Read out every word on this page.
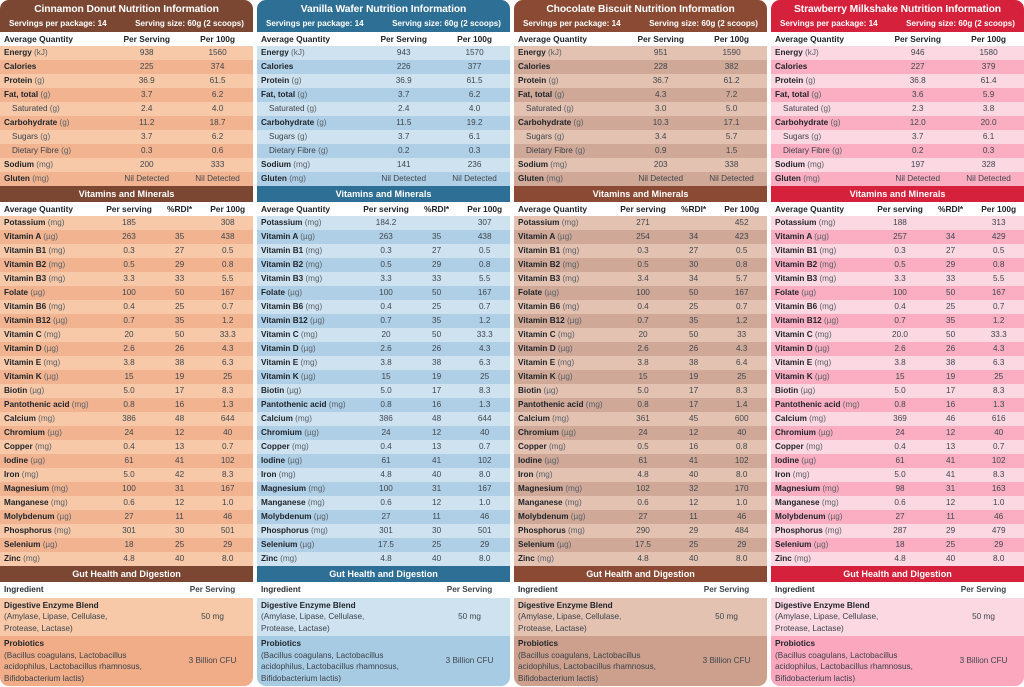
Cinnamon Donut Nutrition Information
Servings per package: 14	Serving size: 60g (2 scoops)
Average Quantity	Per Serving	Per 100g
Energy (kJ)	938	1560
Calories	225	374
Protein (g)	36.9	61.5
Fat, total (g)	3.7	6.2
Saturated (g)	2.4	4.0
Carbohydrate (g)	11.2	18.7
Sugars (g)	3.7	6.2
Dietary Fibre (g)	0.3	0.6
Sodium (mg)	200	333
Gluten (mg)	Nil Detected	Nil Detected
Vitamins and Minerals
Average Quantity	Per serving	%RDI*	Per 100g
Potassium (mg)	185		308
Vitamin A (µg)	263	35	438
Vitamin B1 (mg)	0.3	27	0.5
Vitamin B2 (mg)	0.5	29	0.8
Vitamin B3 (mg)	3.3	33	5.5
Folate (µg)	100	50	167
Vitamin B6 (mg)	0.4	25	0.7
Vitamin B12 (µg)	0.7	35	1.2
Vitamin C (mg)	20	50	33.3
Vitamin D (µg)	2.6	26	4.3
Vitamin E (mg)	3.8	38	6.3
Vitamin K (µg)	15	19	25
Biotin (µg)	5.0	17	8.3
Pantothenic acid (mg)	0.8	16	1.3
Calcium (mg)	386	48	644
Chromium (µg)	24	12	40
Copper (mg)	0.4	13	0.7
Iodine (µg)	61	41	102
Iron (mg)	5.0	42	8.3
Magnesium (mg)	100	31	167
Manganese (mg)	0.6	12	1.0
Molybdenum (µg)	27	11	46
Phosphorus (mg)	301	30	501
Selenium (µg)	18	25	29
Zinc (mg)	4.8	40	8.0
Gut Health and Digestion
Ingredient	Per Serving

Digestive Enzyme Blend
(Amylase, Lipase, Cellulase,
Protease, Lactase)	50 mg

Probiotics
(Bacillus coagulans, Lactobacillus
acidophilus, Lactobacillus rhamnosus,
Bifidobacterium lactis)	3 Billion CFU
Vanilla Wafer Nutrition Information
Servings per package: 14	Serving size: 60g (2 scoops)
Average Quantity	Per Serving	Per 100g
Energy (kJ)	943	1570
Calories	226	377
Protein (g)	36.9	61.5
Fat, total (g)	3.7	6.2
Saturated (g)	2.4	4.0
Carbohydrate (g)	11.5	19.2
Sugars (g)	3.7	6.1
Dietary Fibre (g)	0.2	0.3
Sodium (mg)	141	236
Gluten (mg)	Nil Detected	Nil Detected
Vitamins and Minerals
Average Quantity	Per serving	%RDI*	Per 100g
Potassium (mg)	184.2		307
Vitamin A (µg)	263	35	438
Vitamin B1 (mg)	0.3	27	0.5
Vitamin B2 (mg)	0.5	29	0.8
Vitamin B3 (mg)	3.3	33	5.5
Folate (µg)	100	50	167
Vitamin B6 (mg)	0.4	25	0.7
Vitamin B12 (µg)	0.7	35	1.2
Vitamin C (mg)	20	50	33.3
Vitamin D (µg)	2.6	26	4.3
Vitamin E (mg)	3.8	38	6.3
Vitamin K (µg)	15	19	25
Biotin (µg)	5.0	17	8.3
Pantothenic acid (mg)	0.8	16	1.3
Calcium (mg)	386	48	644
Chromium (µg)	24	12	40
Copper (mg)	0.4	13	0.7
Iodine (µg)	61	41	102
Iron (mg)	4.8	40	8.0
Magnesium (mg)	100	31	167
Manganese (mg)	0.6	12	1.0
Molybdenum (µg)	27	11	46
Phosphorus (mg)	301	30	501
Selenium (µg)	17.5	25	29
Zinc (mg)	4.8	40	8.0
Gut Health and Digestion
Ingredient	Per Serving

Digestive Enzyme Blend
(Amylase, Lipase, Cellulase,
Protease, Lactase)	50 mg

Probiotics
(Bacillus coagulans, Lactobacillus
acidophilus, Lactobacillus rhamnosus,
Bifidobacterium lactis)	3 Billion CFU
Chocolate Biscuit Nutrition Information
Servings per package: 14	Serving size: 60g (2 scoops)
Average Quantity	Per Serving	Per 100g
Energy (kJ)	951	1590
Calories	228	382
Protein (g)	36.7	61.2
Fat, total (g)	4.3	7.2
Saturated (g)	3.0	5.0
Carbohydrate (g)	10.3	17.1
Sugars (g)	3.4	5.7
Dietary Fibre (g)	0.9	1.5
Sodium (mg)	203	338
Gluten (mg)	Nil Detected	Nil Detected
Vitamins and Minerals
Average Quantity	Per serving	%RDI*	Per 100g
Potassium (mg)	271		452
Vitamin A (µg)	254	34	423
Vitamin B1 (mg)	0.3	27	0.5
Vitamin B2 (mg)	0.5	30	0.8
Vitamin B3 (mg)	3.4	34	5.7
Folate (µg)	100	50	167
Vitamin B6 (mg)	0.4	25	0.7
Vitamin B12 (µg)	0.7	35	1.2
Vitamin C (mg)	20	50	33
Vitamin D (µg)	2.6	26	4.3
Vitamin E (mg)	3.8	38	6.4
Vitamin K (µg)	15	19	25
Biotin (µg)	5.0	17	8.3
Pantothenic acid (mg)	0.8	17	1.4
Calcium (mg)	361	45	600
Chromium (µg)	24	12	40
Copper (mg)	0.5	16	0.8
Iodine (µg)	61	41	102
Iron (mg)	4.8	40	8.0
Magnesium (mg)	102	32	170
Manganese (mg)	0.6	12	1.0
Molybdenum (µg)	27	11	46
Phosphorus (mg)	290	29	484
Selenium (µg)	17.5	25	29
Zinc (mg)	4.8	40	8.0
Gut Health and Digestion
Ingredient	Per Serving

Digestive Enzyme Blend
(Amylase, Lipase, Cellulase,
Protease, Lactase)	50 mg

Probiotics
(Bacillus coagulans, Lactobacillus
acidophilus, Lactobacillus rhamnosus,
Bifidobacterium lactis)	3 Billion CFU
Strawberry Milkshake Nutrition Information
Servings per package: 14	Serving size: 60g (2 scoops)
Average Quantity	Per Serving	Per 100g
Energy (kJ)	946	1580
Calories	227	379
Protein (g)	36.8	61.4
Fat, total (g)	3.6	5.9
Saturated (g)	2.3	3.8
Carbohydrate (g)	12.0	20.0
Sugars (g)	3.7	6.1
Dietary Fibre (g)	0.2	0.3
Sodium (mg)	197	328
Gluten (mg)	Nil Detected	Nil Detected
Vitamins and Minerals
Average Quantity	Per serving	%RDI*	Per 100g
Potassium (mg)	188		313
Vitamin A (µg)	257	34	429
Vitamin B1 (mg)	0.3	27	0.5
Vitamin B2 (mg)	0.5	29	0.8
Vitamin B3 (mg)	3.3	33	5.5
Folate (µg)	100	50	167
Vitamin B6 (mg)	0.4	25	0.7
Vitamin B12 (µg)	0.7	35	1.2
Vitamin C (mg)	20.0	50	33.3
Vitamin D (µg)	2.6	26	4.3
Vitamin E (mg)	3.8	38	6.3
Vitamin K (µg)	15	19	25
Biotin (µg)	5.0	17	8.3
Pantothenic acid (mg)	0.8	16	1.3
Calcium (mg)	369	46	616
Chromium (µg)	24	12	40
Copper (mg)	0.4	13	0.7
Iodine (µg)	61	41	102
Iron (mg)	5.0	41	8.3
Magnesium (mg)	98	31	163
Manganese (mg)	0.6	12	1.0
Molybdenum (µg)	27	11	46
Phosphorus (mg)	287	29	479
Selenium (µg)	18	25	29
Zinc (mg)	4.8	40	8.0
Gut Health and Digestion
Ingredient	Per Serving

Digestive Enzyme Blend
(Amylase, Lipase, Cellulase,
Protease, Lactase)	50 mg

Probiotics
(Bacillus coagulans, Lactobacillus
acidophilus, Lactobacillus rhamnosus,
Bifidobacterium lactis)	3 Billion CFU
